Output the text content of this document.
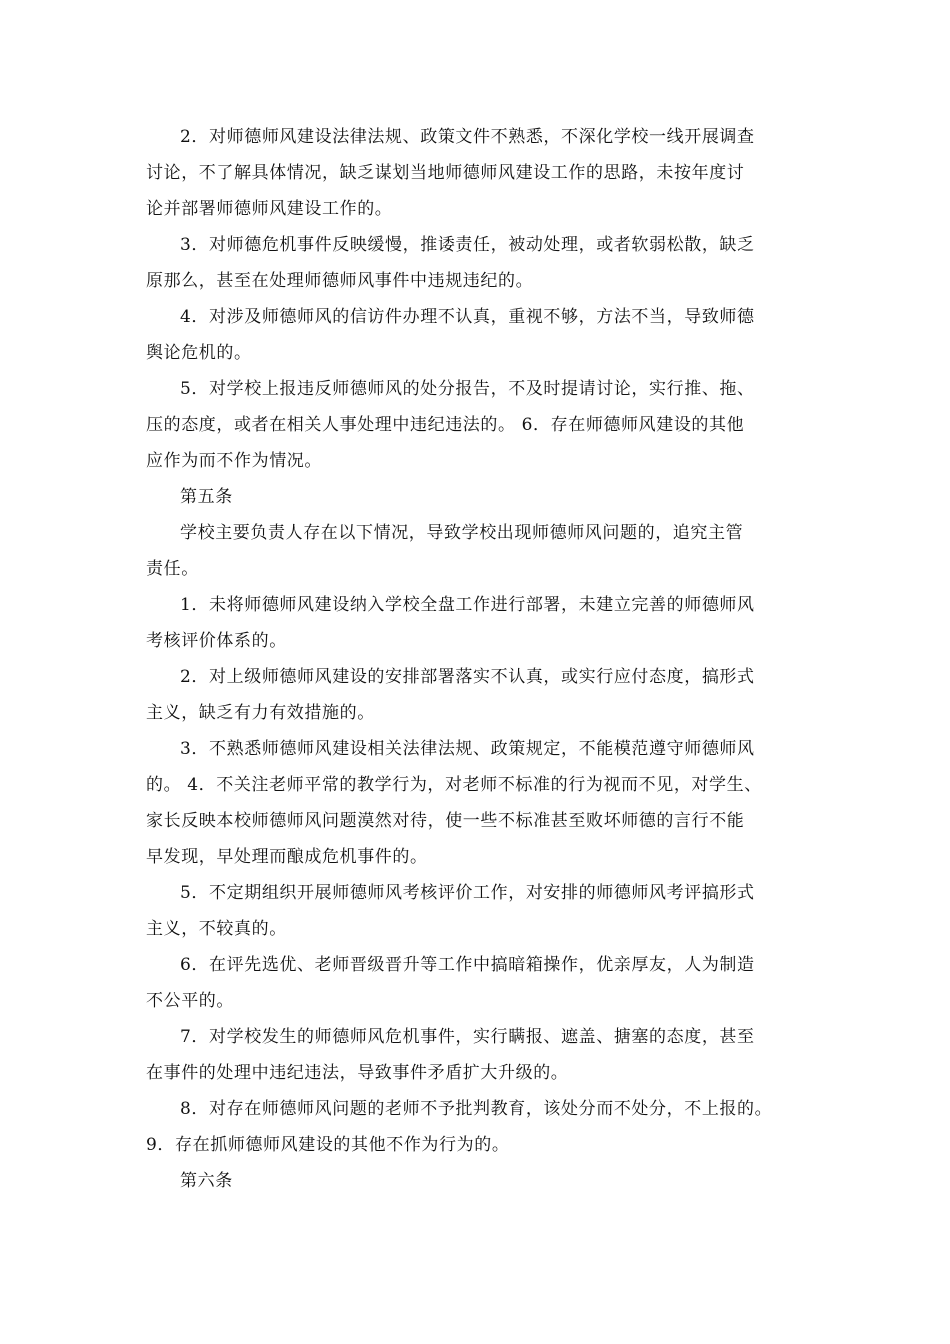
2．对师德师风建设法律法规、政策文件不熟悉，不深化学校一线开展调查
讨论，不了解具体情况，缺乏谋划当地师德师风建设工作的思路，未按年度讨
论并部署师德师风建设工作的。
3．对师德危机事件反映缓慢，推诿责任，被动处理，或者软弱松散，缺乏
原那么，甚至在处理师德师风事件中违规违纪的。
4．对涉及师德师风的信访件办理不认真，重视不够，方法不当，导致师德
舆论危机的。
5．对学校上报违反师德师风的处分报告，不及时提请讨论，实行推、拖、
压的态度，或者在相关人事处理中违纪违法的。 6．存在师德师风建设的其他
应作为而不作为情况。
第五条
学校主要负责人存在以下情况，导致学校出现师德师风问题的，追究主管
责任。
1．未将师德师风建设纳入学校全盘工作进行部署，未建立完善的师德师风
考核评价体系的。
2．对上级师德师风建设的安排部署落实不认真，或实行应付态度，搞形式
主义，缺乏有力有效措施的。
3．不熟悉师德师风建设相关法律法规、政策规定，不能模范遵守师德师风
的。 4．不关注老师平常的教学行为，对老师不标准的行为视而不见，对学生、
家长反映本校师德师风问题漠然对待，使一些不标准甚至败坏师德的言行不能
早发现，早处理而酿成危机事件的。
5．不定期组织开展师德师风考核评价工作，对安排的师德师风考评搞形式
主义，不较真的。
6．在评先选优、老师晋级晋升等工作中搞暗箱操作，优亲厚友，人为制造
不公平的。
7．对学校发生的师德师风危机事件，实行瞒报、遮盖、搪塞的态度，甚至
在事件的处理中违纪违法，导致事件矛盾扩大升级的。
8．对存在师德师风问题的老师不予批判教育，该处分而不处分，不上报的。
9．存在抓师德师风建设的其他不作为行为的。
第六条
